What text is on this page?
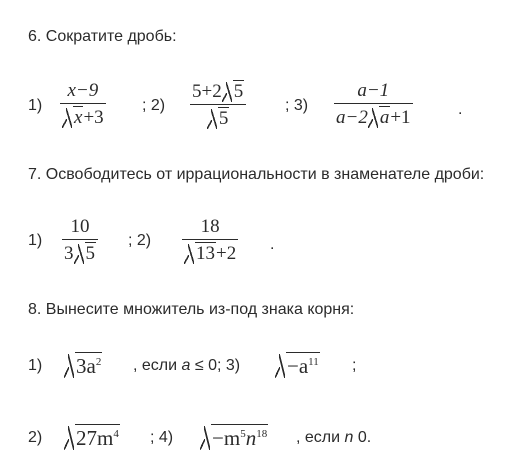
6. Сократите дробь:
1)
x−9
x+3
; 2)
5+2 5
5
; 3)
a−1
a−2 a+1	.
7. Освободитесь от иррациональности в знаменателе дроби:
1)
10
3 5
; 2)
18
13+2 .
8. Вынесите множитель из-под знака корня:
1)	$3a^2$ , если a ≤ 0; 3)	$-a^{11}$ ;
2)	$27m^4$ ; 4)	$-m^5n^{18}$ , если n 0.
